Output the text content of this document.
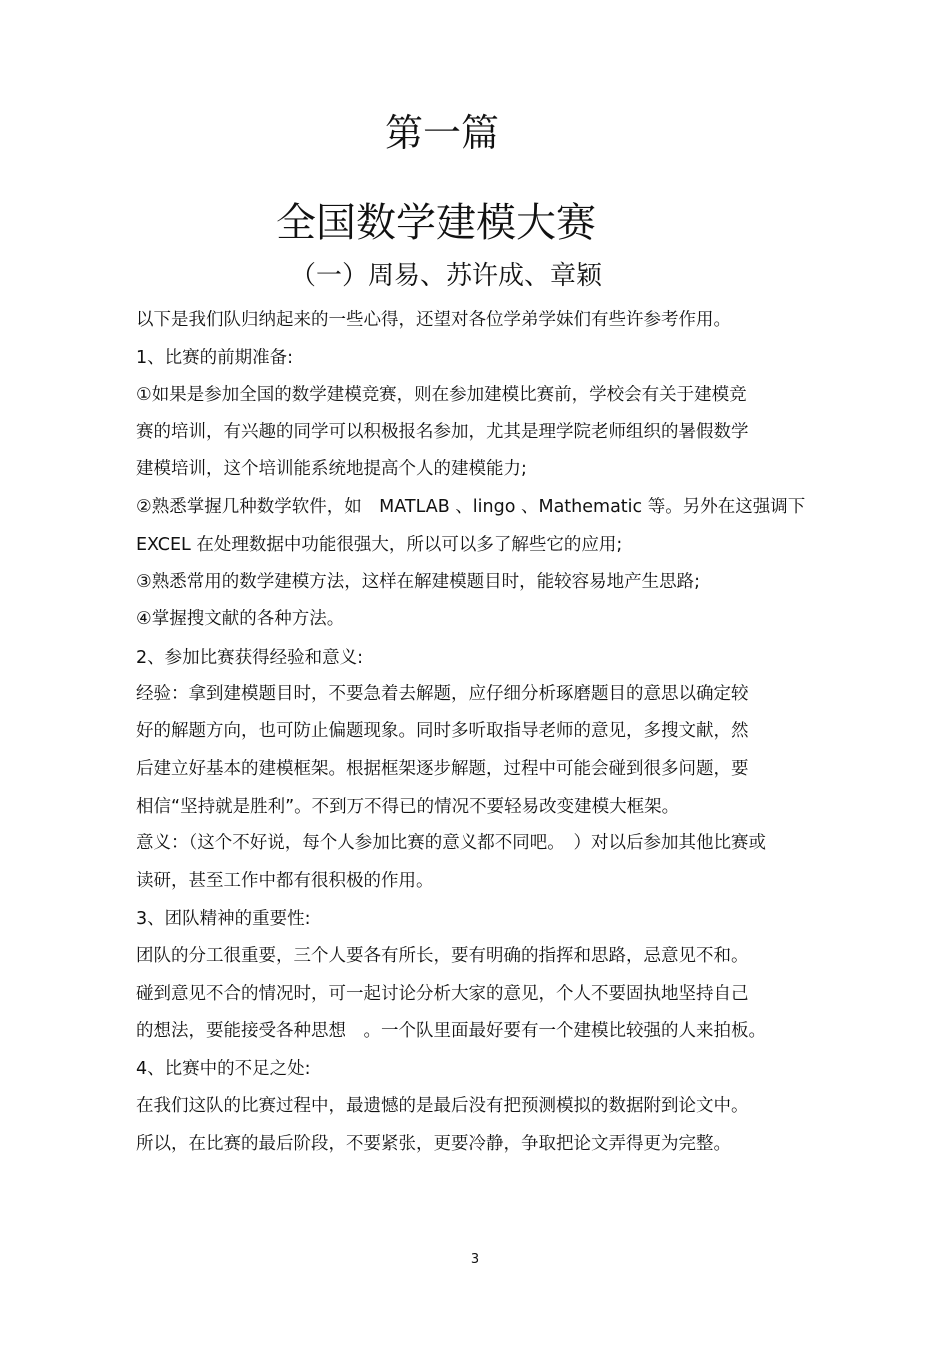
第一篇
全国数学建模大赛
（一）周易、苏许成、章颖
以下是我们队归纳起来的一些心得，还望对各位学弟学妹们有些许参考作用。
1、比赛的前期准备:
①如果是参加全国的数学建模竞赛，则在参加建模比赛前，学校会有关于建模竞
赛的培训，有兴趣的同学可以积极报名参加，尤其是理学院老师组织的暑假数学
建模培训，这个培训能系统地提高个人的建模能力;
②熟悉掌握几种数学软件，如　MATLAB 、lingo 、Mathematic 等。另外在这强调下
EXCEL 在处理数据中功能很强大，所以可以多了解些它的应用;
③熟悉常用的数学建模方法，这样在解建模题目时，能较容易地产生思路;
④掌握搜文献的各种方法。
2、参加比赛获得经验和意义:
经验：拿到建模题目时，不要急着去解题，应仔细分析琢磨题目的意思以确定较
好的解题方向，也可防止偏题现象。同时多听取指导老师的意见，多搜文献，然
后建立好基本的建模框架。根据框架逐步解题，过程中可能会碰到很多问题，要
相信“坚持就是胜利”。不到万不得已的情况不要轻易改变建模大框架。
意义：（这个不好说，每个人参加比赛的意义都不同吧。　）对以后参加其他比赛或
读研，甚至工作中都有很积极的作用。
3、团队精神的重要性:
团队的分工很重要，三个人要各有所长，要有明确的指挥和思路，忌意见不和。
碰到意见不合的情况时，可一起讨论分析大家的意见，个人不要固执地坚持自己
的想法，要能接受各种思想　。一个队里面最好要有一个建模比较强的人来拍板。
4、比赛中的不足之处:
在我们这队的比赛过程中，最遗憾的是最后没有把预测模拟的数据附到论文中。
所以，在比赛的最后阶段，不要紧张，更要冷静，争取把论文弄得更为完整。
3
